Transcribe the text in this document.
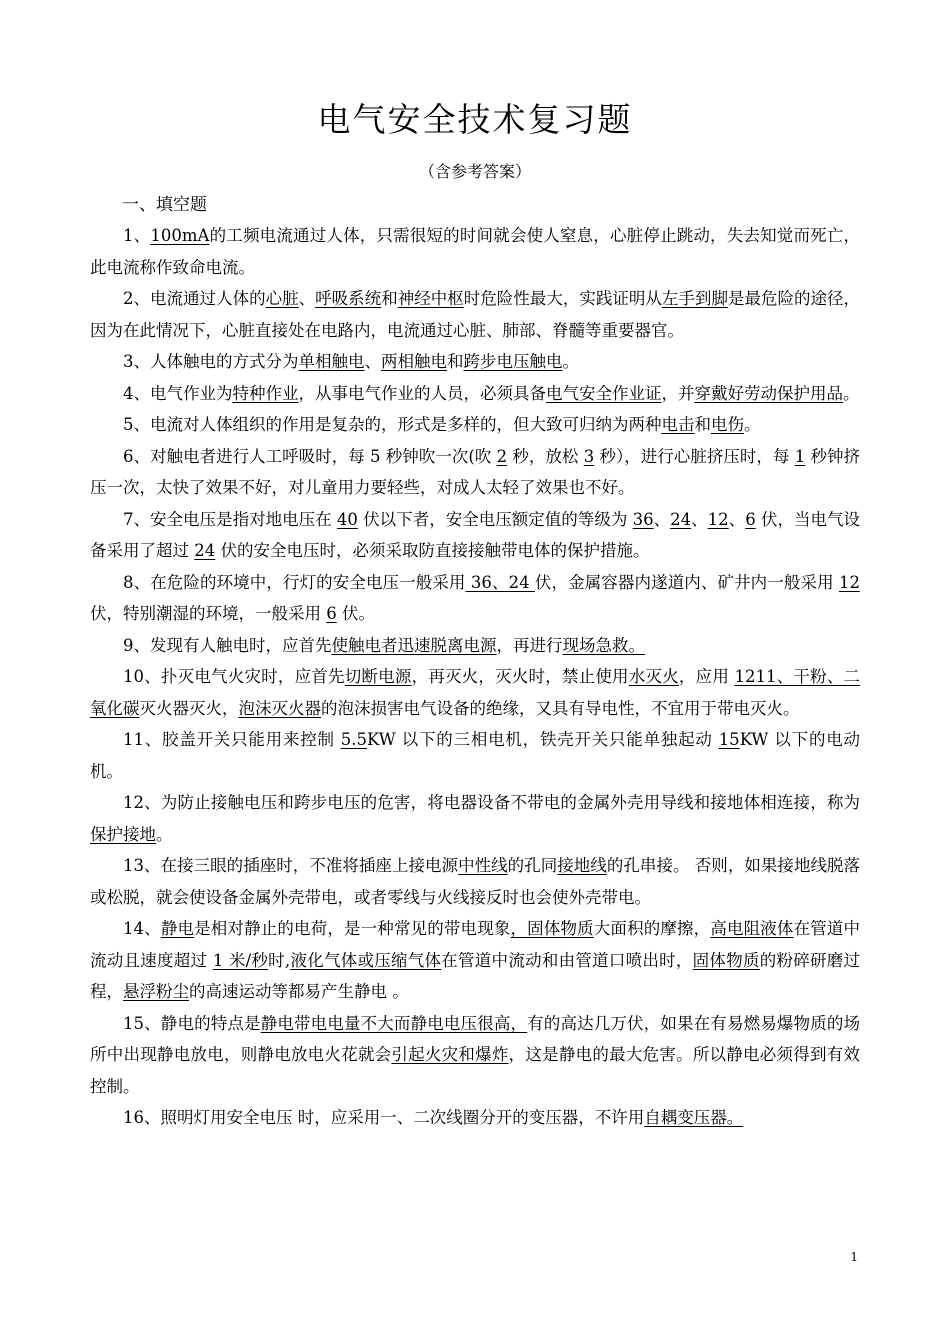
电气安全技术复习题
（含参考答案）
一、填空题

1、100mA的工频电流通过人体，只需很短的时间就会使人窒息，心脏停止跳动，失去知觉而死亡，此电流称作致命电流。

2、电流通过人体的心脏、呼吸系统和神经中枢时危险性最大，实践证明从左手到脚是最危险的途径，因为在此情况下，心脏直接处在电路内，电流通过心脏、肺部、脊髓等重要器官。

3、人体触电的方式分为单相触电、两相触电和跨步电压触电。

4、电气作业为特种作业，从事电气作业的人员，必须具备电气安全作业证，并穿戴好劳动保护用品。

5、电流对人体组织的作用是复杂的，形式是多样的，但大致可归纳为两种电击和电伤。

6、对触电者进行人工呼吸时，每 5 秒钟吹一次(吹 2 秒，放松 3 秒），进行心脏挤压时，每 1 秒钟挤压一次，太快了效果不好，对儿童用力要轻些，对成人太轻了效果也不好。

7、安全电压是指对地电压在 40 伏以下者，安全电压额定值的等级为 36、24、12、6 伏，当电气设备采用了超过 24 伏的安全电压时，必须采取防直接接触带电体的保护措施。

8、在危险的环境中，行灯的安全电压一般采用 36、24 伏，金属容器内遂道内、矿井内一般采用 12 伏，特别潮湿的环境，一般采用 6 伏。

9、发现有人触电时，应首先使触电者迅速脱离电源，再进行现场急救。

10、扑灭电气火灾时，应首先切断电源，再灭火，灭火时，禁止使用水灭火，应用 1211、干粉、二氧化碳灭火器灭火，泡沫灭火器的泡沫损害电气设备的绝缘，又具有导电性，不宜用于带电灭火。

11、胶盖开关只能用来控制 5.5KW 以下的三相电机，铁壳开关只能单独起动 15KW 以下的电动机。

12、为防止接触电压和跨步电压的危害，将电器设备不带电的金属外壳用导线和接地体相连接，称为保护接地。

13、在接三眼的插座时，不准将插座上接电源中性线的孔同接地线的孔串接。 否则，如果接地线脱落或松脱，就会使设备金属外壳带电，或者零线与火线接反时也会使外壳带电。

14、静电是相对静止的电荷，是一种常见的带电现象，固体物质大面积的摩擦，高电阻液体在管道中流动且速度超过 1 米/秒时,液化气体或压缩气体在管道中流动和由管道口喷出时，固体物质的粉碎研磨过程，悬浮粉尘的高速运动等都易产生静电 。

15、静电的特点是静电带电电量不大而静电电压很高，有的高达几万伏，如果在有易燃易爆物质的场所中出现静电放电，则静电放电火花就会引起火灾和爆炸，这是静电的最大危害。所以静电必须得到有效控制。

16、照明灯用安全电压 时，应采用一、二次线圈分开的变压器，不许用自耦变压器。

1
